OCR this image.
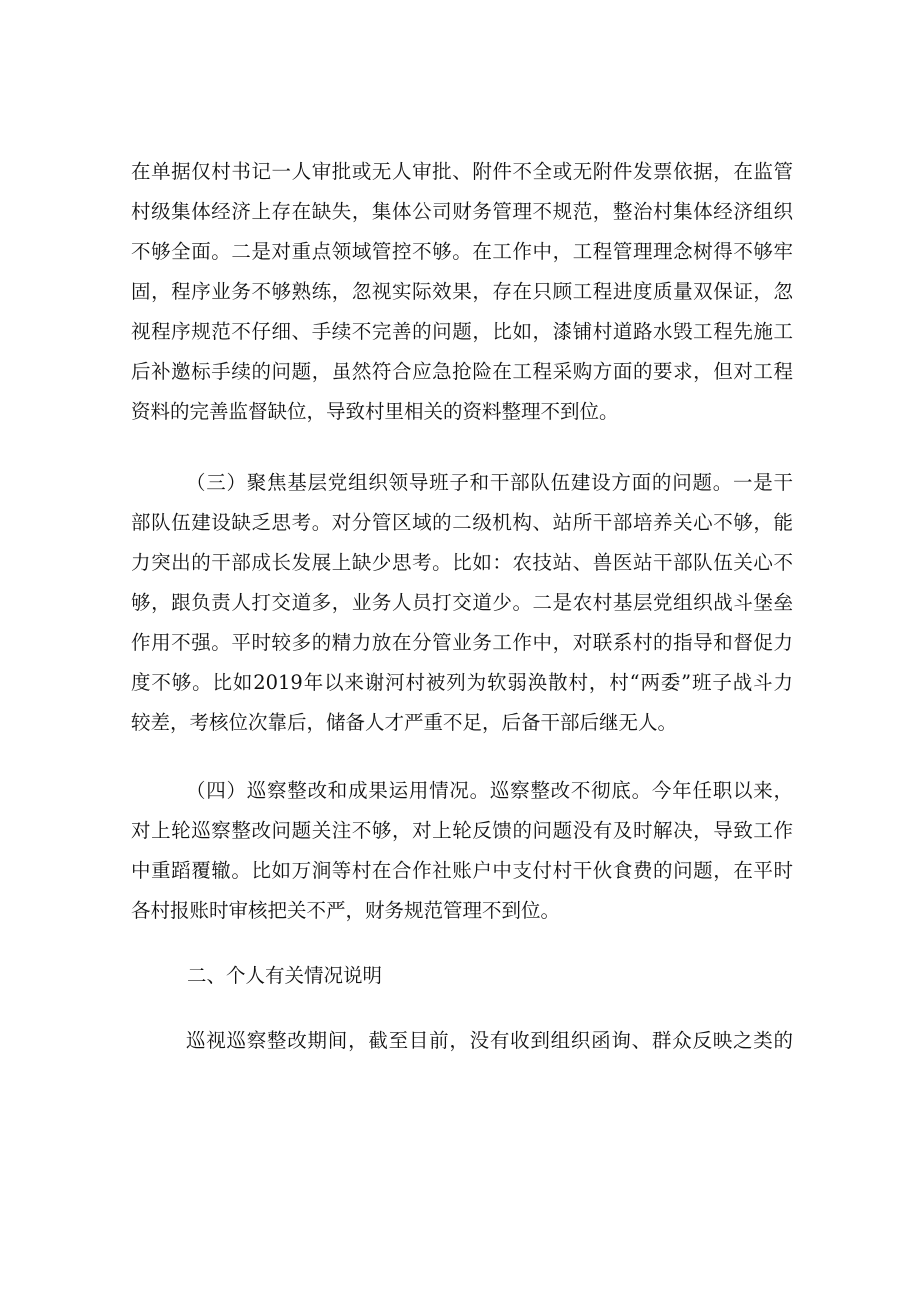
在单据仅村书记一人审批或无人审批、附件不全或无附件发票依据，在监管
村级集体经济上存在缺失，集体公司财务管理不规范，整治村集体经济组织
不够全面。二是对重点领域管控不够。在工作中，工程管理理念树得不够牢
固，程序业务不够熟练，忽视实际效果，存在只顾工程进度质量双保证，忽
视程序规范不仔细、手续不完善的问题，比如，漆铺村道路水毁工程先施工
后补邀标手续的问题，虽然符合应急抢险在工程采购方面的要求，但对工程
资料的完善监督缺位，导致村里相关的资料整理不到位。
（三）聚焦基层党组织领导班子和干部队伍建设方面的问题。一是干
部队伍建设缺乏思考。对分管区域的二级机构、站所干部培养关心不够，能
力突出的干部成长发展上缺少思考。比如：农技站、兽医站干部队伍关心不
够，跟负责人打交道多，业务人员打交道少。二是农村基层党组织战斗堡垒
作用不强。平时较多的精力放在分管业务工作中，对联系村的指导和督促力
度不够。比如2019年以来谢河村被列为软弱涣散村，村“两委”班子战斗力
较差，考核位次靠后，储备人才严重不足，后备干部后继无人。
（四）巡察整改和成果运用情况。巡察整改不彻底。今年任职以来，
对上轮巡察整改问题关注不够，对上轮反馈的问题没有及时解决，导致工作
中重蹈覆辙。比如万涧等村在合作社账户中支付村干伙食费的问题，在平时
各村报账时审核把关不严，财务规范管理不到位。
二、个人有关情况说明
巡视巡察整改期间，截至目前，没有收到组织函询、群众反映之类的
